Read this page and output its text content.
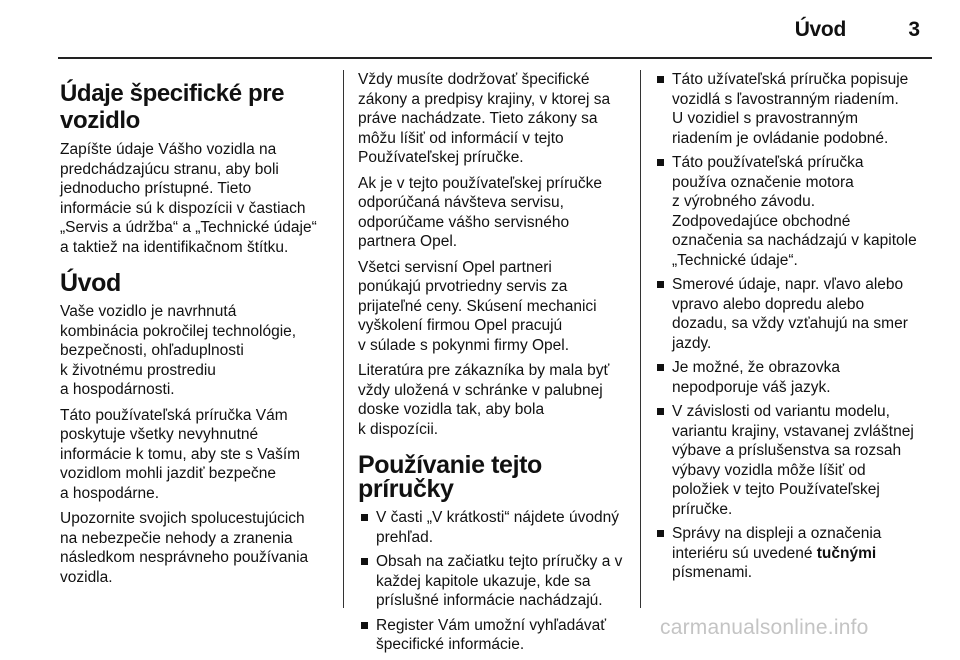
Úvod	3
Údaje špecifické pre
vozidlo

Zapíšte údaje Vášho vozidla na
predchádzajúcu stranu, aby boli
jednoducho prístupné. Tieto
informácie sú k dispozícii v častiach
„Servis a údržba“ a „Technické údaje“
a taktiež na identifikačnom štítku.

Úvod

Vaše vozidlo je navrhnutá
kombinácia pokročilej technológie,
bezpečnosti, ohľaduplnosti
k životnému prostrediu
a hospodárnosti.

Táto používateľská príručka Vám
poskytuje všetky nevyhnutné
informácie k tomu, aby ste s Vaším
vozidlom mohli jazdiť bezpečne
a hospodárne.

Upozornite svojich spolucestujúcich
na nebezpečie nehody a zranenia
následkom nesprávneho používania
vozidla.

Vždy musíte dodržovať špecifické
zákony a predpisy krajiny, v ktorej sa
práve nachádzate. Tieto zákony sa
môžu líšiť od informácií v tejto
Používateľskej príručke.

Ak je v tejto používateľskej príručke
odporúčaná návšteva servisu,
odporúčame vášho servisného
partnera Opel.

Všetci servisní Opel partneri
ponúkajú prvotriedny servis za
prijateľné ceny. Skúsení mechanici
vyškolení firmou Opel pracujú
v súlade s pokynmi firmy Opel.

Literatúra pre zákazníka by mala byť
vždy uložená v schránke v palubnej
doske vozidla tak, aby bola
k dispozícii.

Používanie tejto príručky
V časti „V krátkosti“ nájdete úvodný
prehľad.
Obsah na začiatku tejto príručky a v
každej kapitole ukazuje, kde sa
príslušné informácie nachádzajú.
Register Vám umožní vyhľadávať
špecifické informácie.
Táto užívateľská príručka popisuje
vozidlá s ľavostranným riadením.
U vozidiel s pravostranným
riadením je ovládanie podobné.
Táto používateľská príručka
používa označenie motora
z výrobného závodu.
Zodpovedajúce obchodné
označenia sa nachádzajú v kapitole
„Technické údaje“.
Smerové údaje, napr. vľavo alebo
vpravo alebo dopredu alebo
dozadu, sa vždy vzťahujú na smer
jazdy.
Je možné, že obrazovka
nepodporuje váš jazyk.
V závislosti od variantu modelu,
variantu krajiny, vstavanej zvláštnej
výbave a príslušenstva sa rozsah
výbavy vozidla môže líšiť od
položiek v tejto Používateľskej
príručke.
Správy na displeji a označenia
interiéru sú uvedené tučnými
písmenami.
carmanualsonline.info
